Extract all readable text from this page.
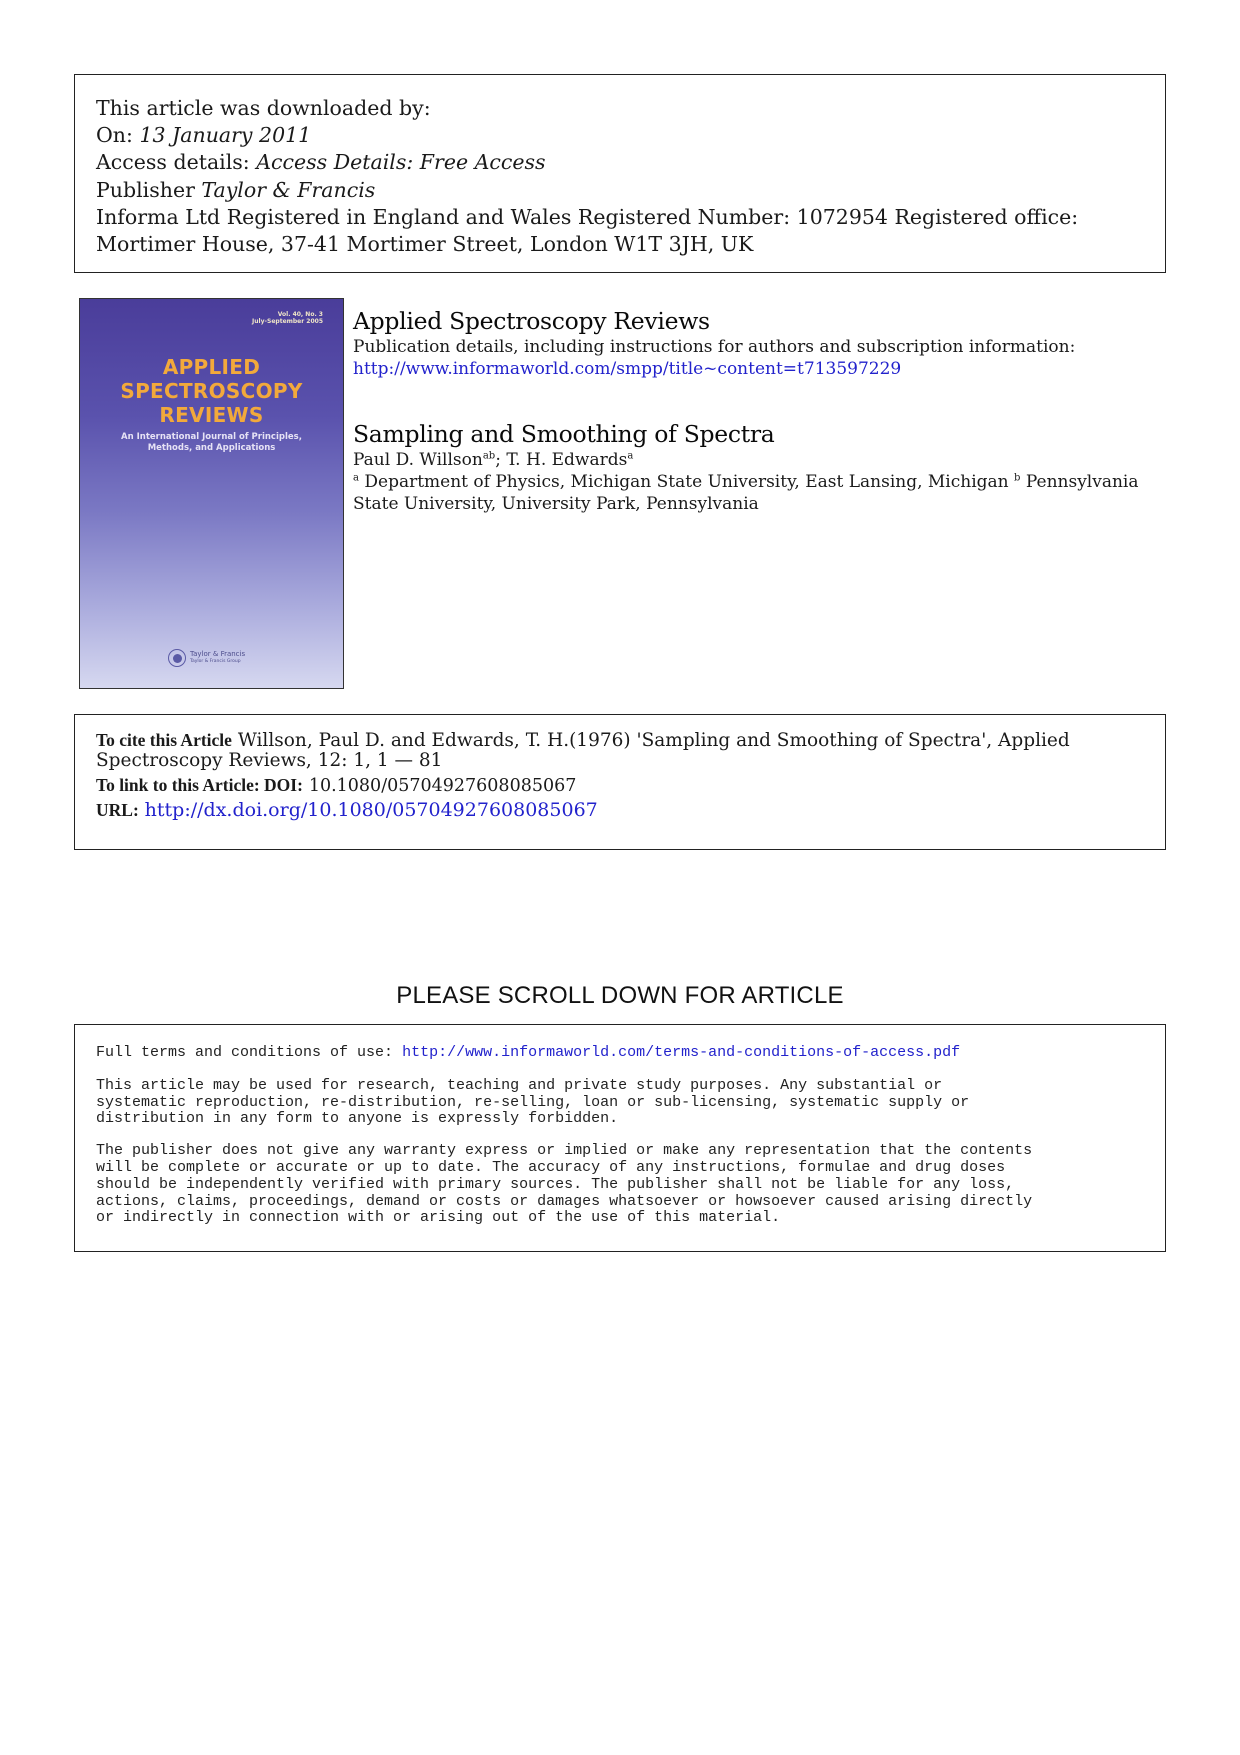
This article was downloaded by:
On: 13 January 2011
Access details: Access Details: Free Access
Publisher Taylor & Francis
Informa Ltd Registered in England and Wales Registered Number: 1072954 Registered office: Mortimer House, 37-41 Mortimer Street, London W1T 3JH, UK
Vol. 40, No. 3
July-September 2005
APPLIED
SPECTROSCOPY
REVIEWS
An International Journal of Principles, Methods, and Applications
Taylor & Francis
Taylor & Francis Group
Applied Spectroscopy Reviews
Publication details, including instructions for authors and subscription information:
http://www.informaworld.com/smpp/title~content=t713597229
Sampling and Smoothing of Spectra
Paul D. Willson$^{ab}$; T. H. Edwards$^a$
$^a$ Department of Physics, Michigan State University, East Lansing, Michigan $^b$ Pennsylvania State University, University Park, Pennsylvania
To cite this Article Willson, Paul D. and Edwards, T. H.(1976) 'Sampling and Smoothing of Spectra', Applied Spectroscopy Reviews, 12: 1, 1 — 81
To link to this Article: DOI: 10.1080/05704927608085067
URL: http://dx.doi.org/10.1080/05704927608085067
PLEASE SCROLL DOWN FOR ARTICLE

Full terms and conditions of use: http://www.informaworld.com/terms-and-conditions-of-access.pdf

This article may be used for research, teaching and private study purposes. Any substantial or
systematic reproduction, re-distribution, re-selling, loan or sub-licensing, systematic supply or
distribution in any form to anyone is expressly forbidden.

The publisher does not give any warranty express or implied or make any representation that the contents
will be complete or accurate or up to date. The accuracy of any instructions, formulae and drug doses
should be independently verified with primary sources. The publisher shall not be liable for any loss,
actions, claims, proceedings, demand or costs or damages whatsoever or howsoever caused arising directly
or indirectly in connection with or arising out of the use of this material.
